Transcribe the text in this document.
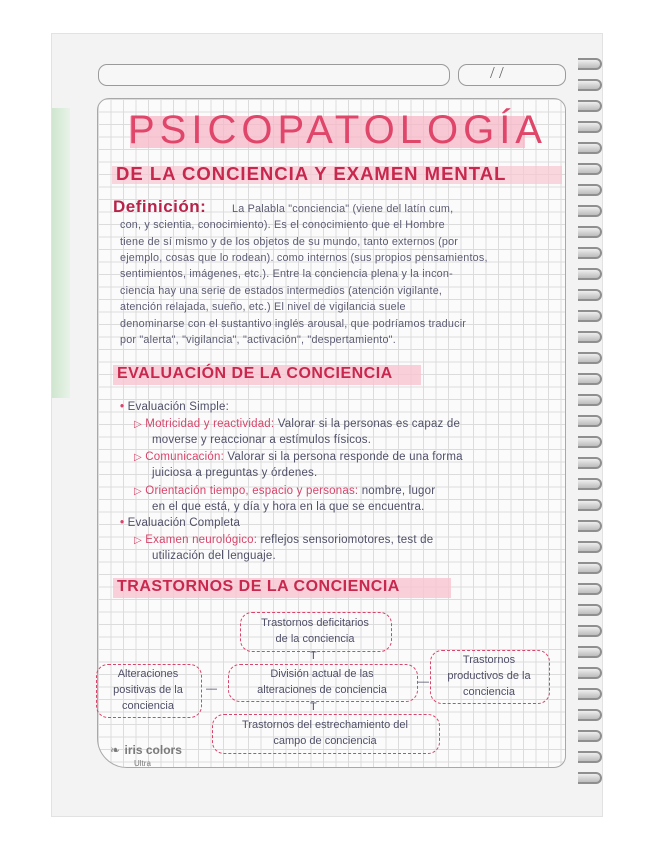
/ /
PSICOPATOLOGÍA
DE LA CONCIENCIA Y EXAMEN MENTAL
Definición: La Palabla "conciencia" (viene del latín cum,
con, y scientia, conocimiento). Es el conocimiento que el Hombre
tiene de sí mismo y de los objetos de su mundo, tanto externos (por
ejemplo, cosas que lo rodean). como internos (sus propios pensamientos,
sentimientos, imágenes, etc.). Entre la conciencia plena y la incon-
ciencia hay una serie de estados intermedios (atención vigilante,
atención relajada, sueño, etc.) El nivel de vigilancia suele
denominarse con el sustantivo inglés arousal, que podríamos traducir
por "alerta", "vigilancia", "activación", "despertamiento".
EVALUACIÓN DE LA CONCIENCIA
• Evaluación Simple:
▷ Motricidad y reactividad: Valorar si la personas es capaz de
moverse y reaccionar a estímulos físicos.
▷ Comunicación: Valorar si la persona responde de una forma
juiciosa a preguntas y órdenes.
▷ Orientación tiempo, espacio y personas: nombre, lugor
en el que está, y día y hora en la que se encuentra.
• Evaluación Completa
▷ Examen neurológico: reflejos sensoriomotores, test de
utilización del lenguaje.
TRASTORNOS DE LA CONCIENCIA
Trastornos deficitarios
de la conciencia
T
División actual de las
alteraciones de conciencia
Alteraciones
positivas de la
conciencia
—
—
Trastornos
productivos de la
conciencia
T
Trastornos del estrechamiento del
campo de conciencia
❧ iris colors
Ultra
